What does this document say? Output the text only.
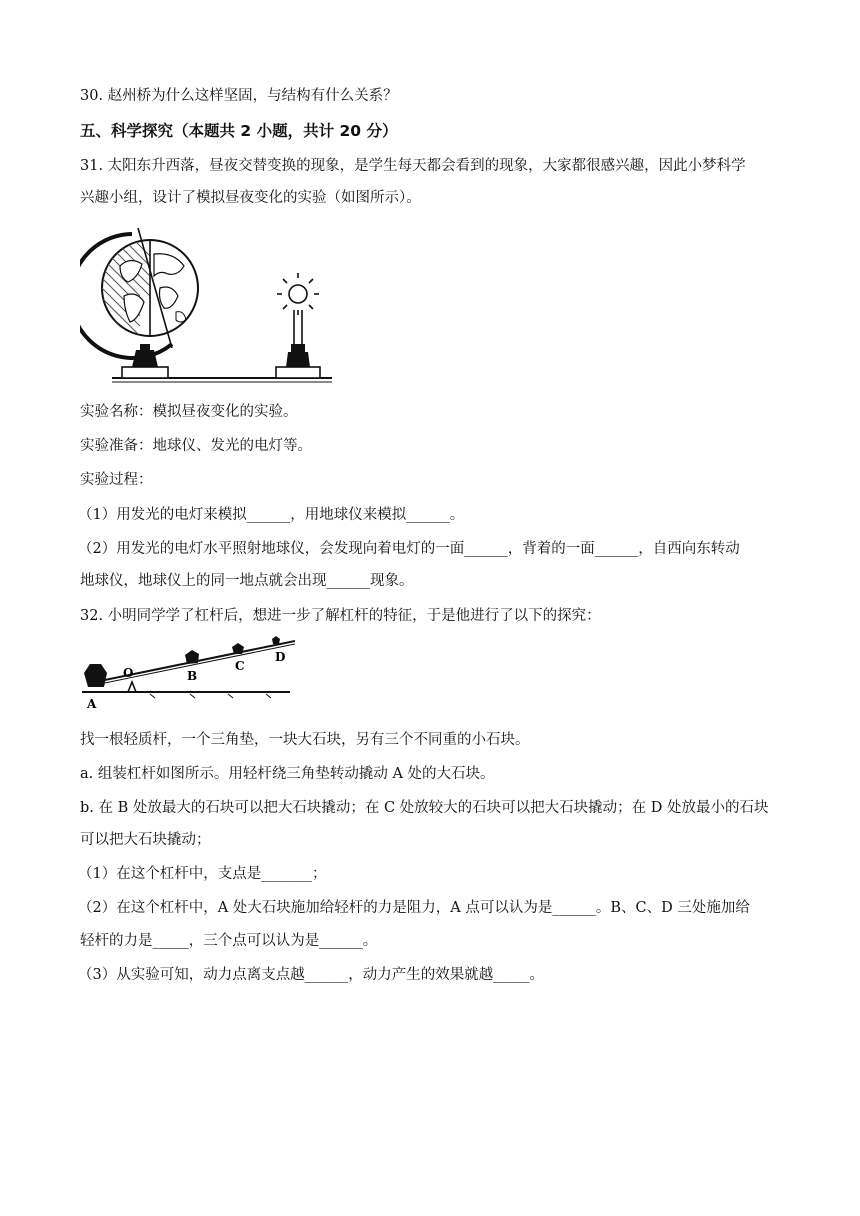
30. 赵州桥为什么这样坚固，与结构有什么关系？
五、科学探究（本题共 2 小题，共计 20 分）
31. 太阳东升西落，昼夜交替变换的现象，是学生每天都会看到的现象，大家都很感兴趣，因此小梦科学
兴趣小组，设计了模拟昼夜变化的实验（如图所示）。
实验名称：模拟昼夜变化的实验。
实验准备：地球仪、发光的电灯等。
实验过程：
（1）用发光的电灯来模拟______，用地球仪来模拟______。
（2）用发光的电灯水平照射地球仪，会发现向着电灯的一面______，背着的一面______，自西向东转动
地球仪，地球仪上的同一地点就会出现______现象。
32. 小明同学学了杠杆后，想进一步了解杠杆的特征，于是他进行了以下的探究：
A
O	B
C
D
找一根轻质杆，一个三角垫，一块大石块，另有三个不同重的小石块。
a. 组装杠杆如图所示。用轻杆绕三角垫转动撬动 A 处的大石块。
b. 在 B 处放最大的石块可以把大石块撬动；在 C 处放较大的石块可以把大石块撬动；在 D 处放最小的石块
可以把大石块撬动；
（1）在这个杠杆中，支点是_______；
（2）在这个杠杆中，A 处大石块施加给轻杆的力是阻力，A 点可以认为是______。B、C、D 三处施加给
轻杆的力是_____，三个点可以认为是______。
（3）从实验可知，动力点离支点越______，动力产生的效果就越_____。
